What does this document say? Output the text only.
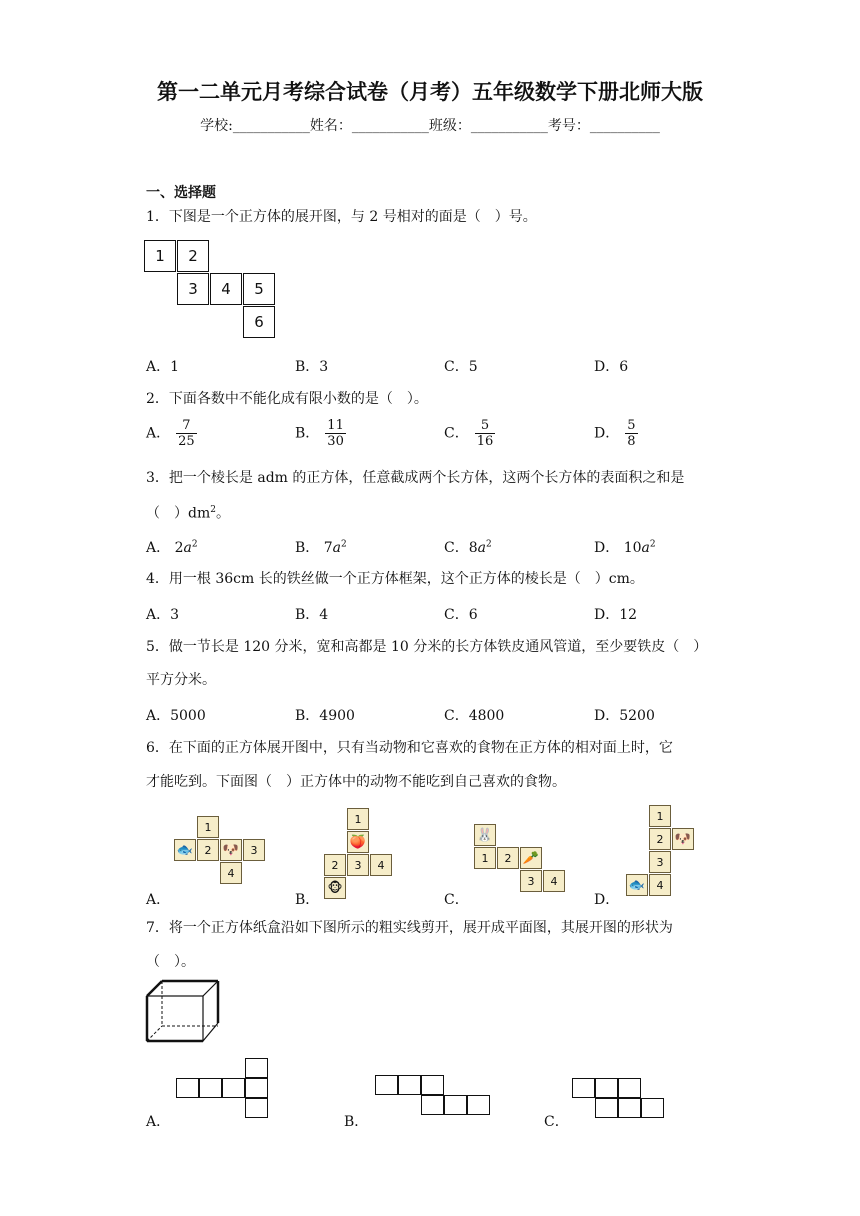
第一二单元月考综合试卷（月考）五年级数学下册北师大版
学校:___________姓名：___________班级：___________考号：__________
一、选择题
1．下图是一个正方体的展开图，与 2 号相对的面是（　）号。
1	2
3	4	5
6
A．1	B．3	C．5	D．6
2．下面各数中不能化成有限小数的是（　）。
A． $\frac{7}{25}$	B． $\frac{11}{30}$	C． $\frac{5}{16}$	D． $\frac{5}{8}$
3．把一个棱长是 adm 的正方体，任意截成两个长方体，这两个长方体的表面积之和是
（　）$dm^2$。
A． $2a^2$	B． $7a^2$	C．$8a^2$	D． $10a^2$
4．用一根 36cm 长的铁丝做一个正方体框架，这个正方体的棱长是（　）cm。
A．3	B．4	C．6	D．12
5．做一节长是 120 分米，宽和高都是 10 分米的长方体铁皮通风管道，至少要铁皮（　）
平方分米。
A．5000	B．4900	C．4800	D．5200
6．在下面的正方体展开图中，只有当动物和它喜欢的食物在正方体的相对面上时，它
才能吃到。下面图（　）正方体中的动物不能吃到自己喜欢的食物。
1
🐟	2 🐶	3
4
A．
1
🍑
2	3	4
🐵
B．
🐰
1	2 🥕
3	4
C．
1
2 🐶
3
🐟	4
D．
7．将一个正方体纸盒沿如下图所示的粗实线剪开，展开成平面图，其展开图的形状为
（　）。
A．	B．	C．
